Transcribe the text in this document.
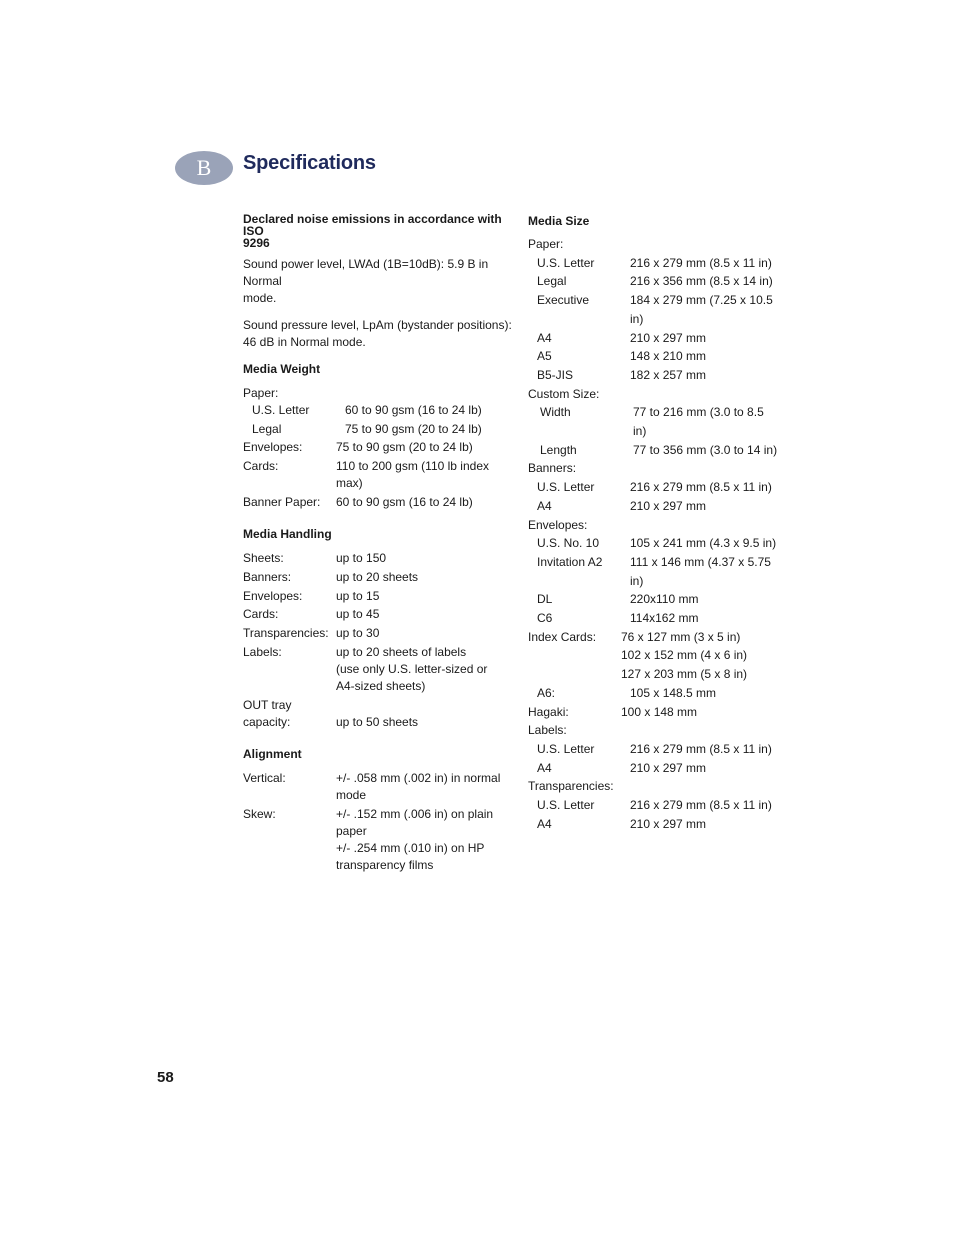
B Specifications
Declared noise emissions in accordance with ISO
9296
Sound power level, LWAd (1B=10dB): 5.9 B in Normal
mode.
Sound pressure level, LpAm (bystander positions):
46 dB in Normal mode.
Media Weight
Paper:
U.S. Letter	60 to 90 gsm (16 to 24 lb)
Legal	75 to 90 gsm (20 to 24 lb)
Envelopes:	75 to 90 gsm (20 to 24 lb)
Cards:	110 to 200 gsm (110 lb index
max)
Banner Paper:	60 to 90 gsm (16 to 24 lb)
Media Handling
Sheets:	up to 150
Banners:	up to 20 sheets
Envelopes:	up to 15
Cards:	up to 45
Transparencies: up to 30
Labels:	up to 20 sheets of labels
(use only U.S. letter-sized or
A4-sized sheets)
OUT tray
capacity:	up to 50 sheets
Alignment
Vertical:	+/- .058 mm (.002 in) in normal
mode
Skew:	+/- .152 mm (.006 in) on plain
paper
+/- .254 mm (.010 in) on HP
transparency films
Media Size
Paper:
U.S. Letter	216 x 279 mm (8.5 x 11 in)
Legal	216 x 356 mm (8.5 x 14 in)
Executive	184 x 279 mm (7.25 x 10.5 in)
A4	210 x 297 mm
A5	148 x 210 mm
B5-JIS	182 x 257 mm
Custom Size:
Width	77 to 216 mm (3.0 to 8.5 in)
Length	77 to 356 mm (3.0 to 14 in)
Banners:
U.S. Letter	216 x 279 mm (8.5 x 11 in)
A4	210 x 297 mm
Envelopes:
U.S. No. 10	105 x 241 mm (4.3 x 9.5 in)
Invitation A2	111 x 146 mm (4.37 x 5.75 in)
DL	220x110 mm
C6	114x162 mm
Index Cards:	76 x 127 mm (3 x 5 in)
102 x 152 mm (4 x 6 in)
127 x 203 mm (5 x 8 in)
A6:	105 x 148.5 mm
Hagaki:	100 x 148 mm
Labels:
U.S. Letter	216 x 279 mm (8.5 x 11 in)
A4	210 x 297 mm
Transparencies:
U.S. Letter	216 x 279 mm (8.5 x 11 in)
A4	210 x 297 mm
58
